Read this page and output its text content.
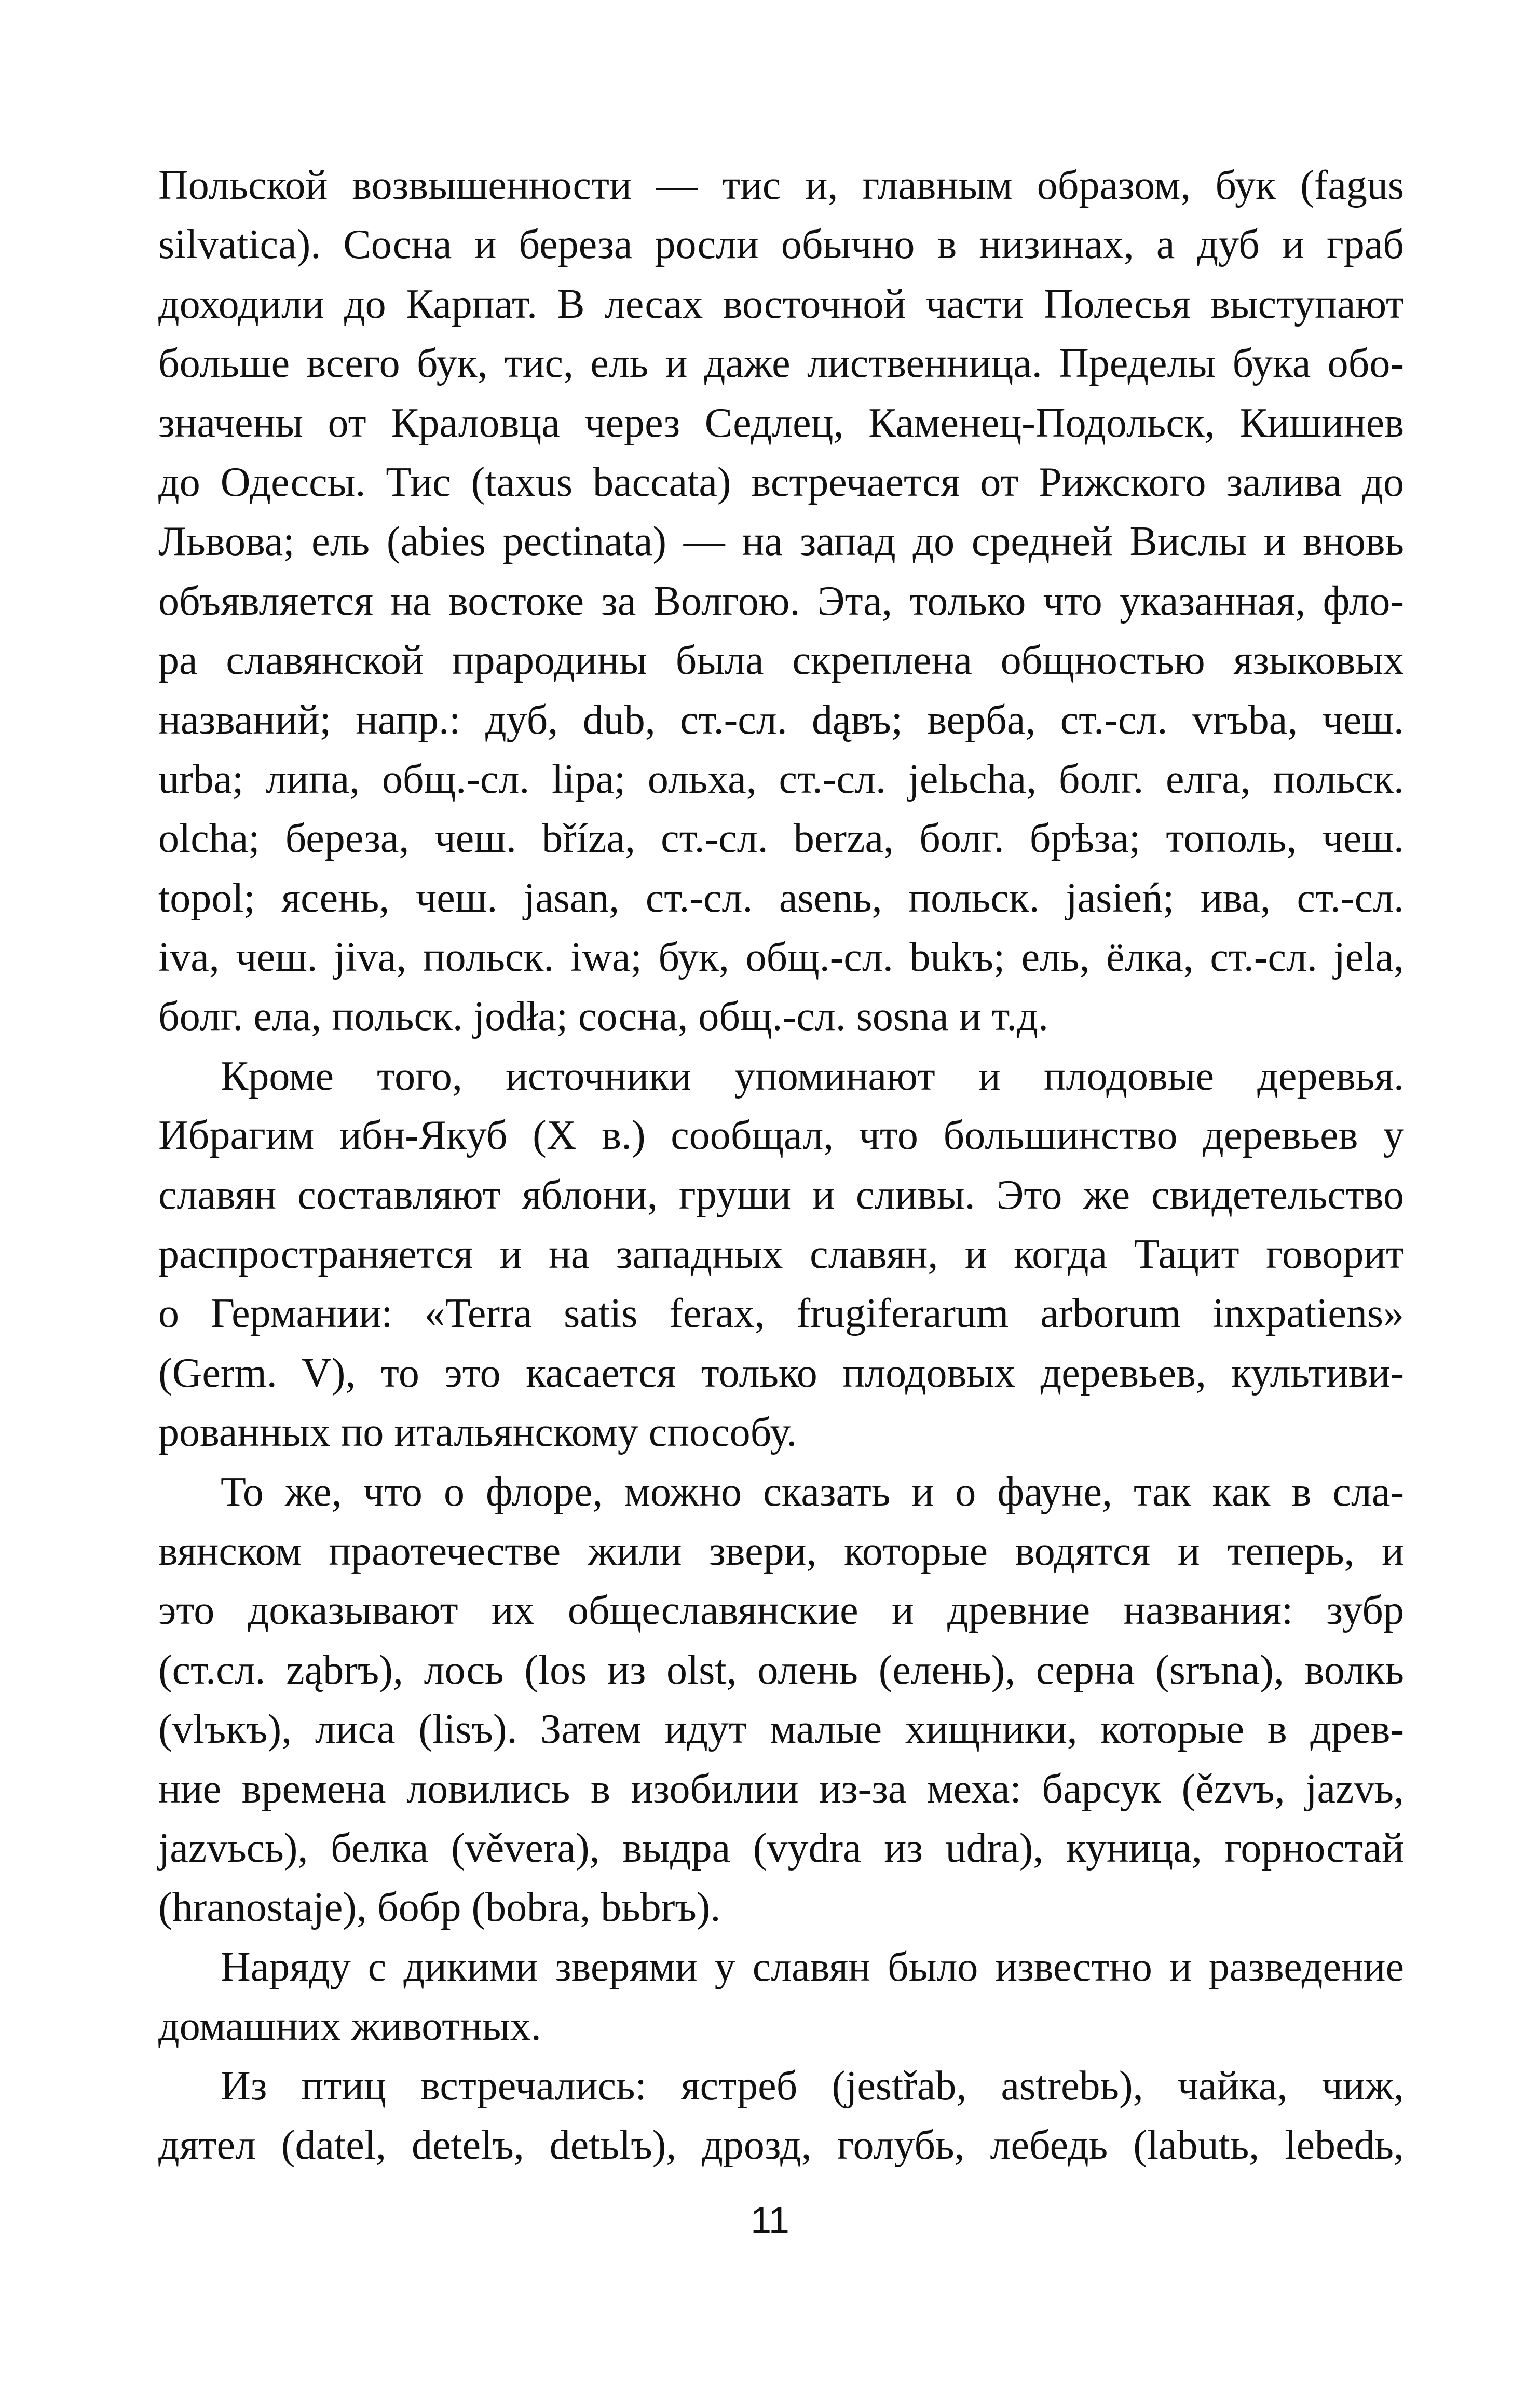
Польской возвышенности — тис и, главным образом, бук (fagus
silvatica). Сосна и береза росли обычно в низинах, а дуб и граб
доходили до Карпат. В лесах восточной части Полесья выступают
больше всего бук, тис, ель и даже лиственница. Пределы бука обо-
значены от Краловца через Седлец, Каменец-Подольск, Кишинев
до Одессы. Тис (taxus baccata) встречается от Рижского залива до
Львова; ель (abies pectinata) — на запад до средней Вислы и вновь
объявляется на востоке за Волгою. Эта, только что указанная, фло-
ра славянской прародины была скреплена общностью языковых
названий; напр.: дуб, dub, ст.-сл. dąвъ; верба, ст.-сл. vrъba, чеш.
urba; липа, общ.-сл. lipa; ольха, ст.-сл. jelьcha, болг. елга, польск.
olcha; береза, чеш. bříza, ст.-сл. berza, болг. брѣза; тополь, чеш.
topol; ясень, чеш. jasan, ст.-сл. asenь, польск. jasień; ива, ст.-сл.
iva, чеш. jiva, польск. iwa; бук, общ.-сл. bukъ; ель, ёлка, ст.-сл. jela,
болг. ела, польск. jodła; сосна, общ.-сл. sosna и т.д.
Кроме того, источники упоминают и плодовые деревья.
Ибрагим ибн-Якуб (X в.) сообщал, что большинство деревьев у
славян составляют яблони, груши и сливы. Это же свидетельство
распространяется и на западных славян, и когда Тацит говорит
о Германии: «Terra satis ferax, frugiferarum arborum inxpatiens»
(Germ. V), то это касается только плодовых деревьев, культиви-
рованных по итальянскому способу.
То же, что о флоре, можно сказать и о фауне, так как в сла-
вянском праотечестве жили звери, которые водятся и теперь, и
это доказывают их общеславянские и древние названия: зубр
(ст.сл. ząbrъ), лось (los из olst, олень (елень), серна (srъna), волкь
(vlъкъ), лиса (lisъ). Затем идут малые хищники, которые в древ-
ние времена ловились в изобилии из-за меха: барсук (ězvъ, jazvь,
jazvьcь), белка (věvera), выдра (vydra из udra), куница, горностай
(hranostaje), бобр (bobra, bьbrъ).
Наряду с дикими зверями у славян было известно и разведение
домашних животных.
Из птиц встречались: ястреб (jestřab, astrebь), чайка, чиж,
дятел (datel, detelъ, detьlъ), дрозд, голубь, лебедь (labutь, lebedь,
11
